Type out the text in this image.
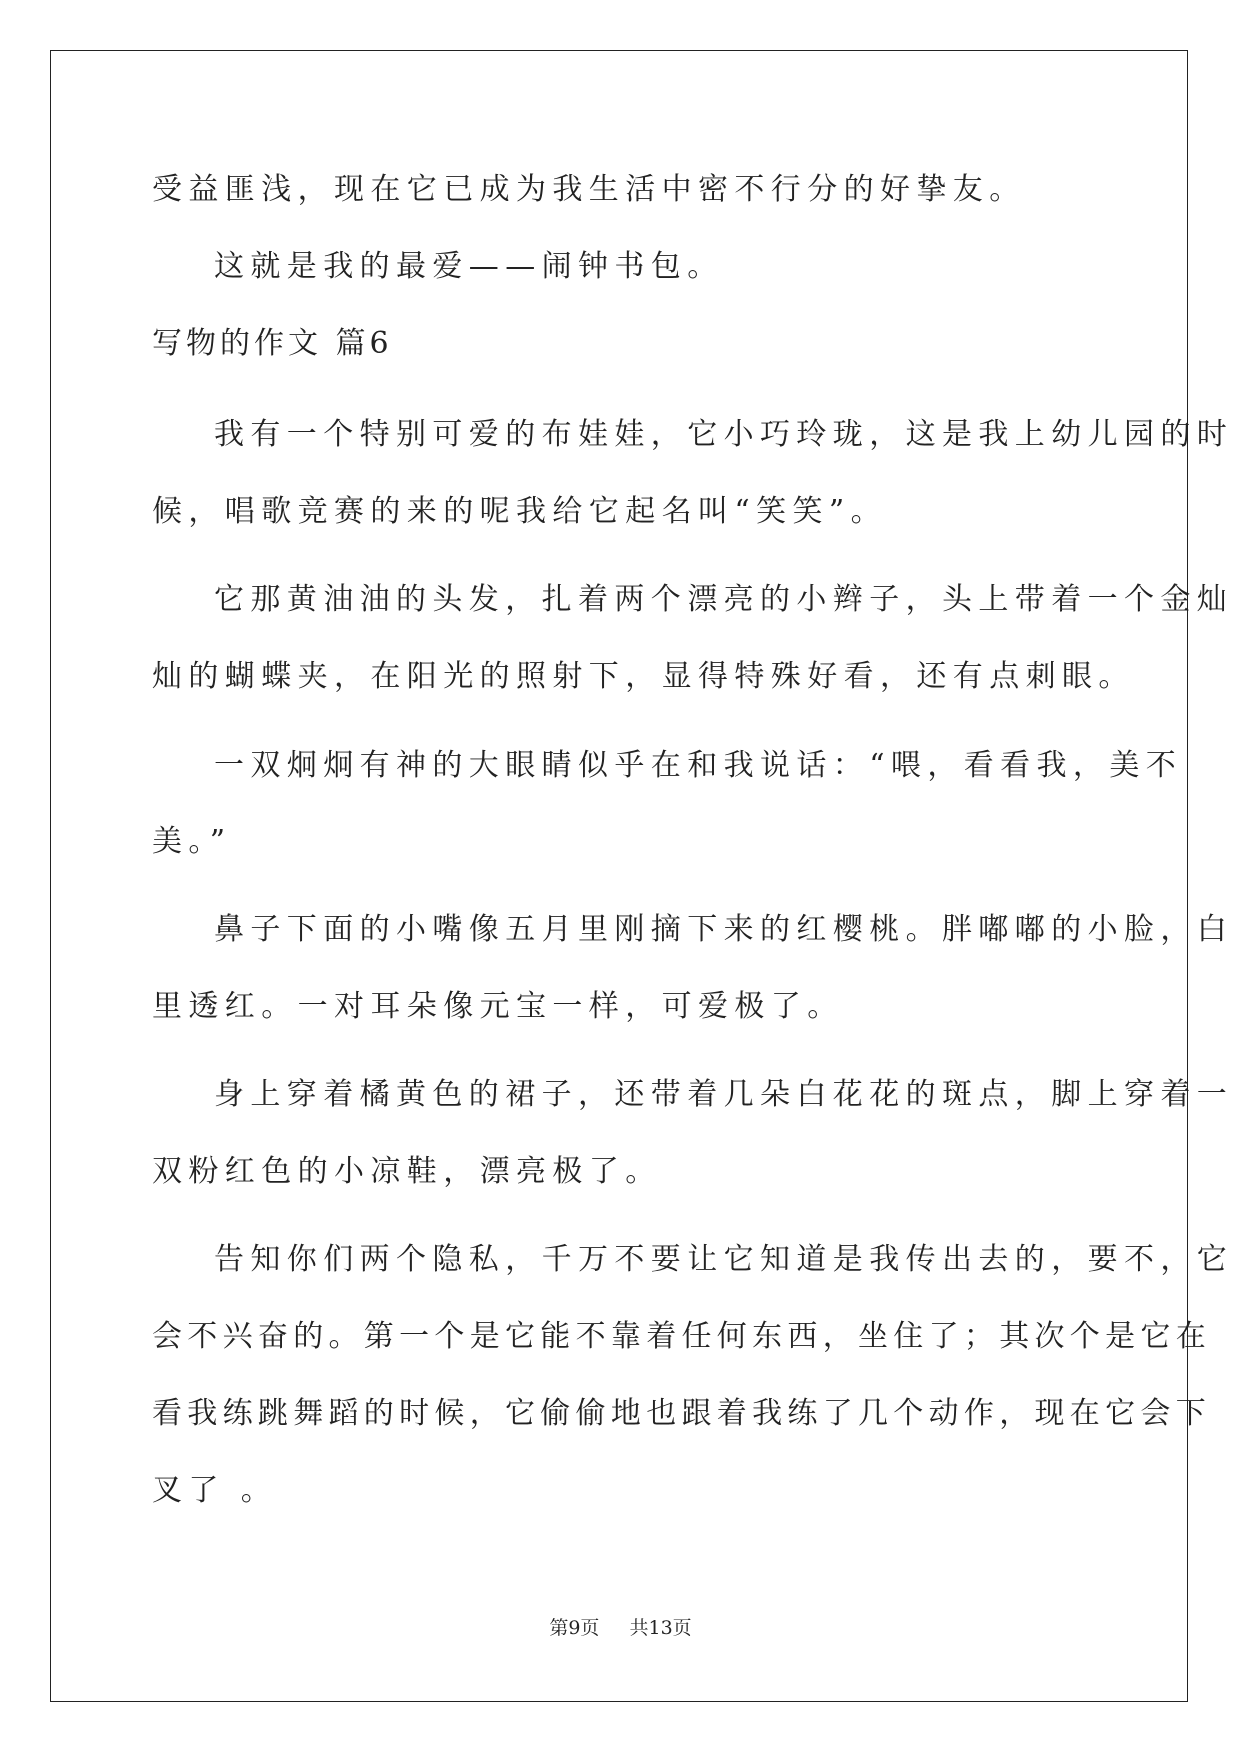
受益匪浅，现在它已成为我生活中密不行分的好挚友。

这就是我的最爱——闹钟书包。

写物的作文 篇6

我有一个特别可爱的布娃娃，它小巧玲珑，这是我上幼儿园的时

候，唱歌竞赛的来的呢我给它起名叫“笑笑”。

它那黄油油的头发，扎着两个漂亮的小辫子，头上带着一个金灿

灿的蝴蝶夹，在阳光的照射下，显得特殊好看，还有点刺眼。

一双炯炯有神的大眼睛似乎在和我说话：“喂，看看我，美不

美。”

鼻子下面的小嘴像五月里刚摘下来的红樱桃。胖嘟嘟的小脸，白

里透红。一对耳朵像元宝一样，可爱极了。

身上穿着橘黄色的裙子，还带着几朵白花花的斑点，脚上穿着一

双粉红色的小凉鞋，漂亮极了。

告知你们两个隐私，千万不要让它知道是我传出去的，要不，它

会不兴奋的。第一个是它能不靠着任何东西，坐住了；其次个是它在

看我练跳舞蹈的时候，它偷偷地也跟着我练了几个动作，现在它会下

叉了 。

第9页 共13页
